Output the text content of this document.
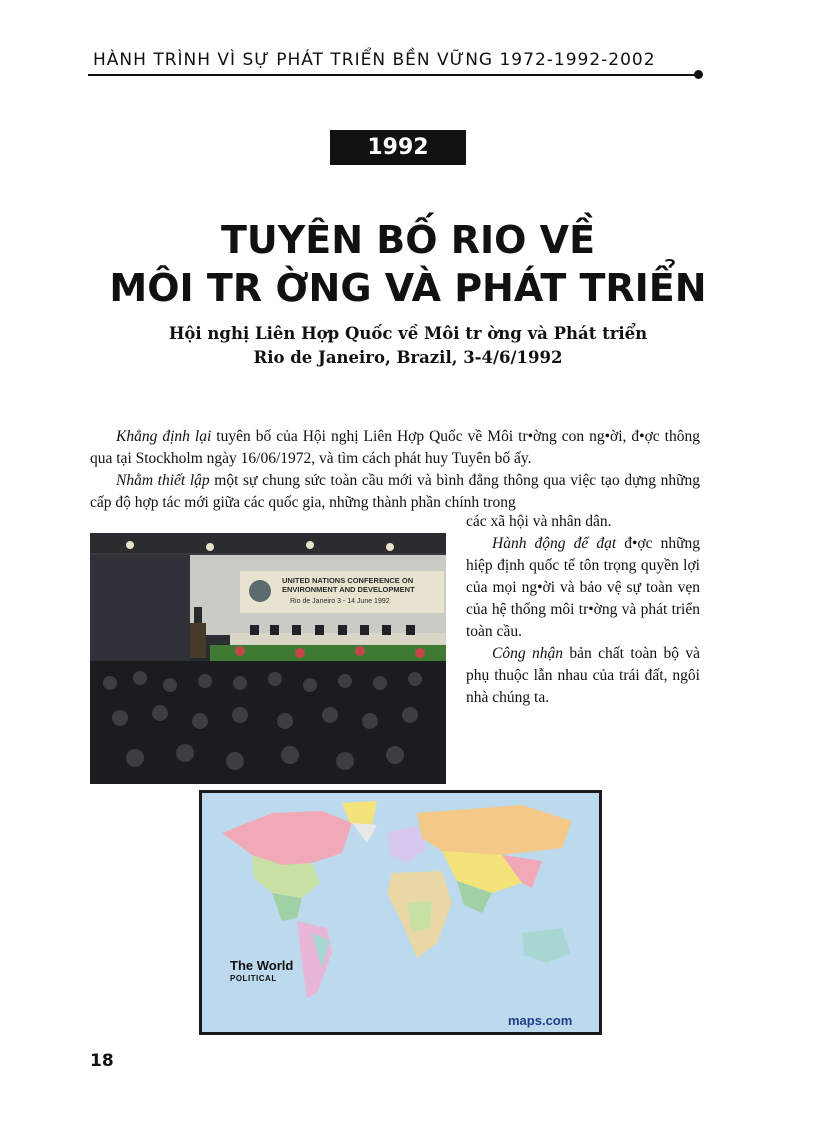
HÀNH TRÌNH VÌ SỰ PHÁT TRIỂN BỀN VỮNG 1972-1992-2002
1992
TUYÊN BỐ RIO VỀ
MÔI TR ỜNG VÀ PHÁT TRIỂN
Hội nghị Liên Hợp Quốc về Môi tr ờng và Phát triển
Rio de Janeiro, Brazil, 3-4/6/1992

Khẳng định lại tuyên bố của Hội nghị Liên Hợp Quốc về Môi tr•ờng con ng•ời, đ•ợc thông qua tại Stockholm ngày 16/06/1972, và tìm cách phát huy Tuyên bố ấy.

Nhằm thiết lập một sự chung sức toàn cầu mới và bình đẳng thông qua việc tạo dựng những cấp độ hợp tác mới giữa các quốc gia, những thành phần chính trong

các xã hội và nhân dân.

Hành động để đạt đ•ợc những hiệp định quốc tế tôn trọng quyền lợi của mọi ng•ời và bảo vệ sự toàn vẹn của hệ thống môi tr•ờng và phát triển toàn cầu.

Công nhận bản chất toàn bộ và phụ thuộc lẫn nhau của trái đất, ngôi nhà chúng ta.

UNITED NATIONS CONFERENCE ON
ENVIRONMENT AND DEVELOPMENT
Rio de Janeiro 3 - 14 June 1992
The World
POLITICAL
maps.com
18
